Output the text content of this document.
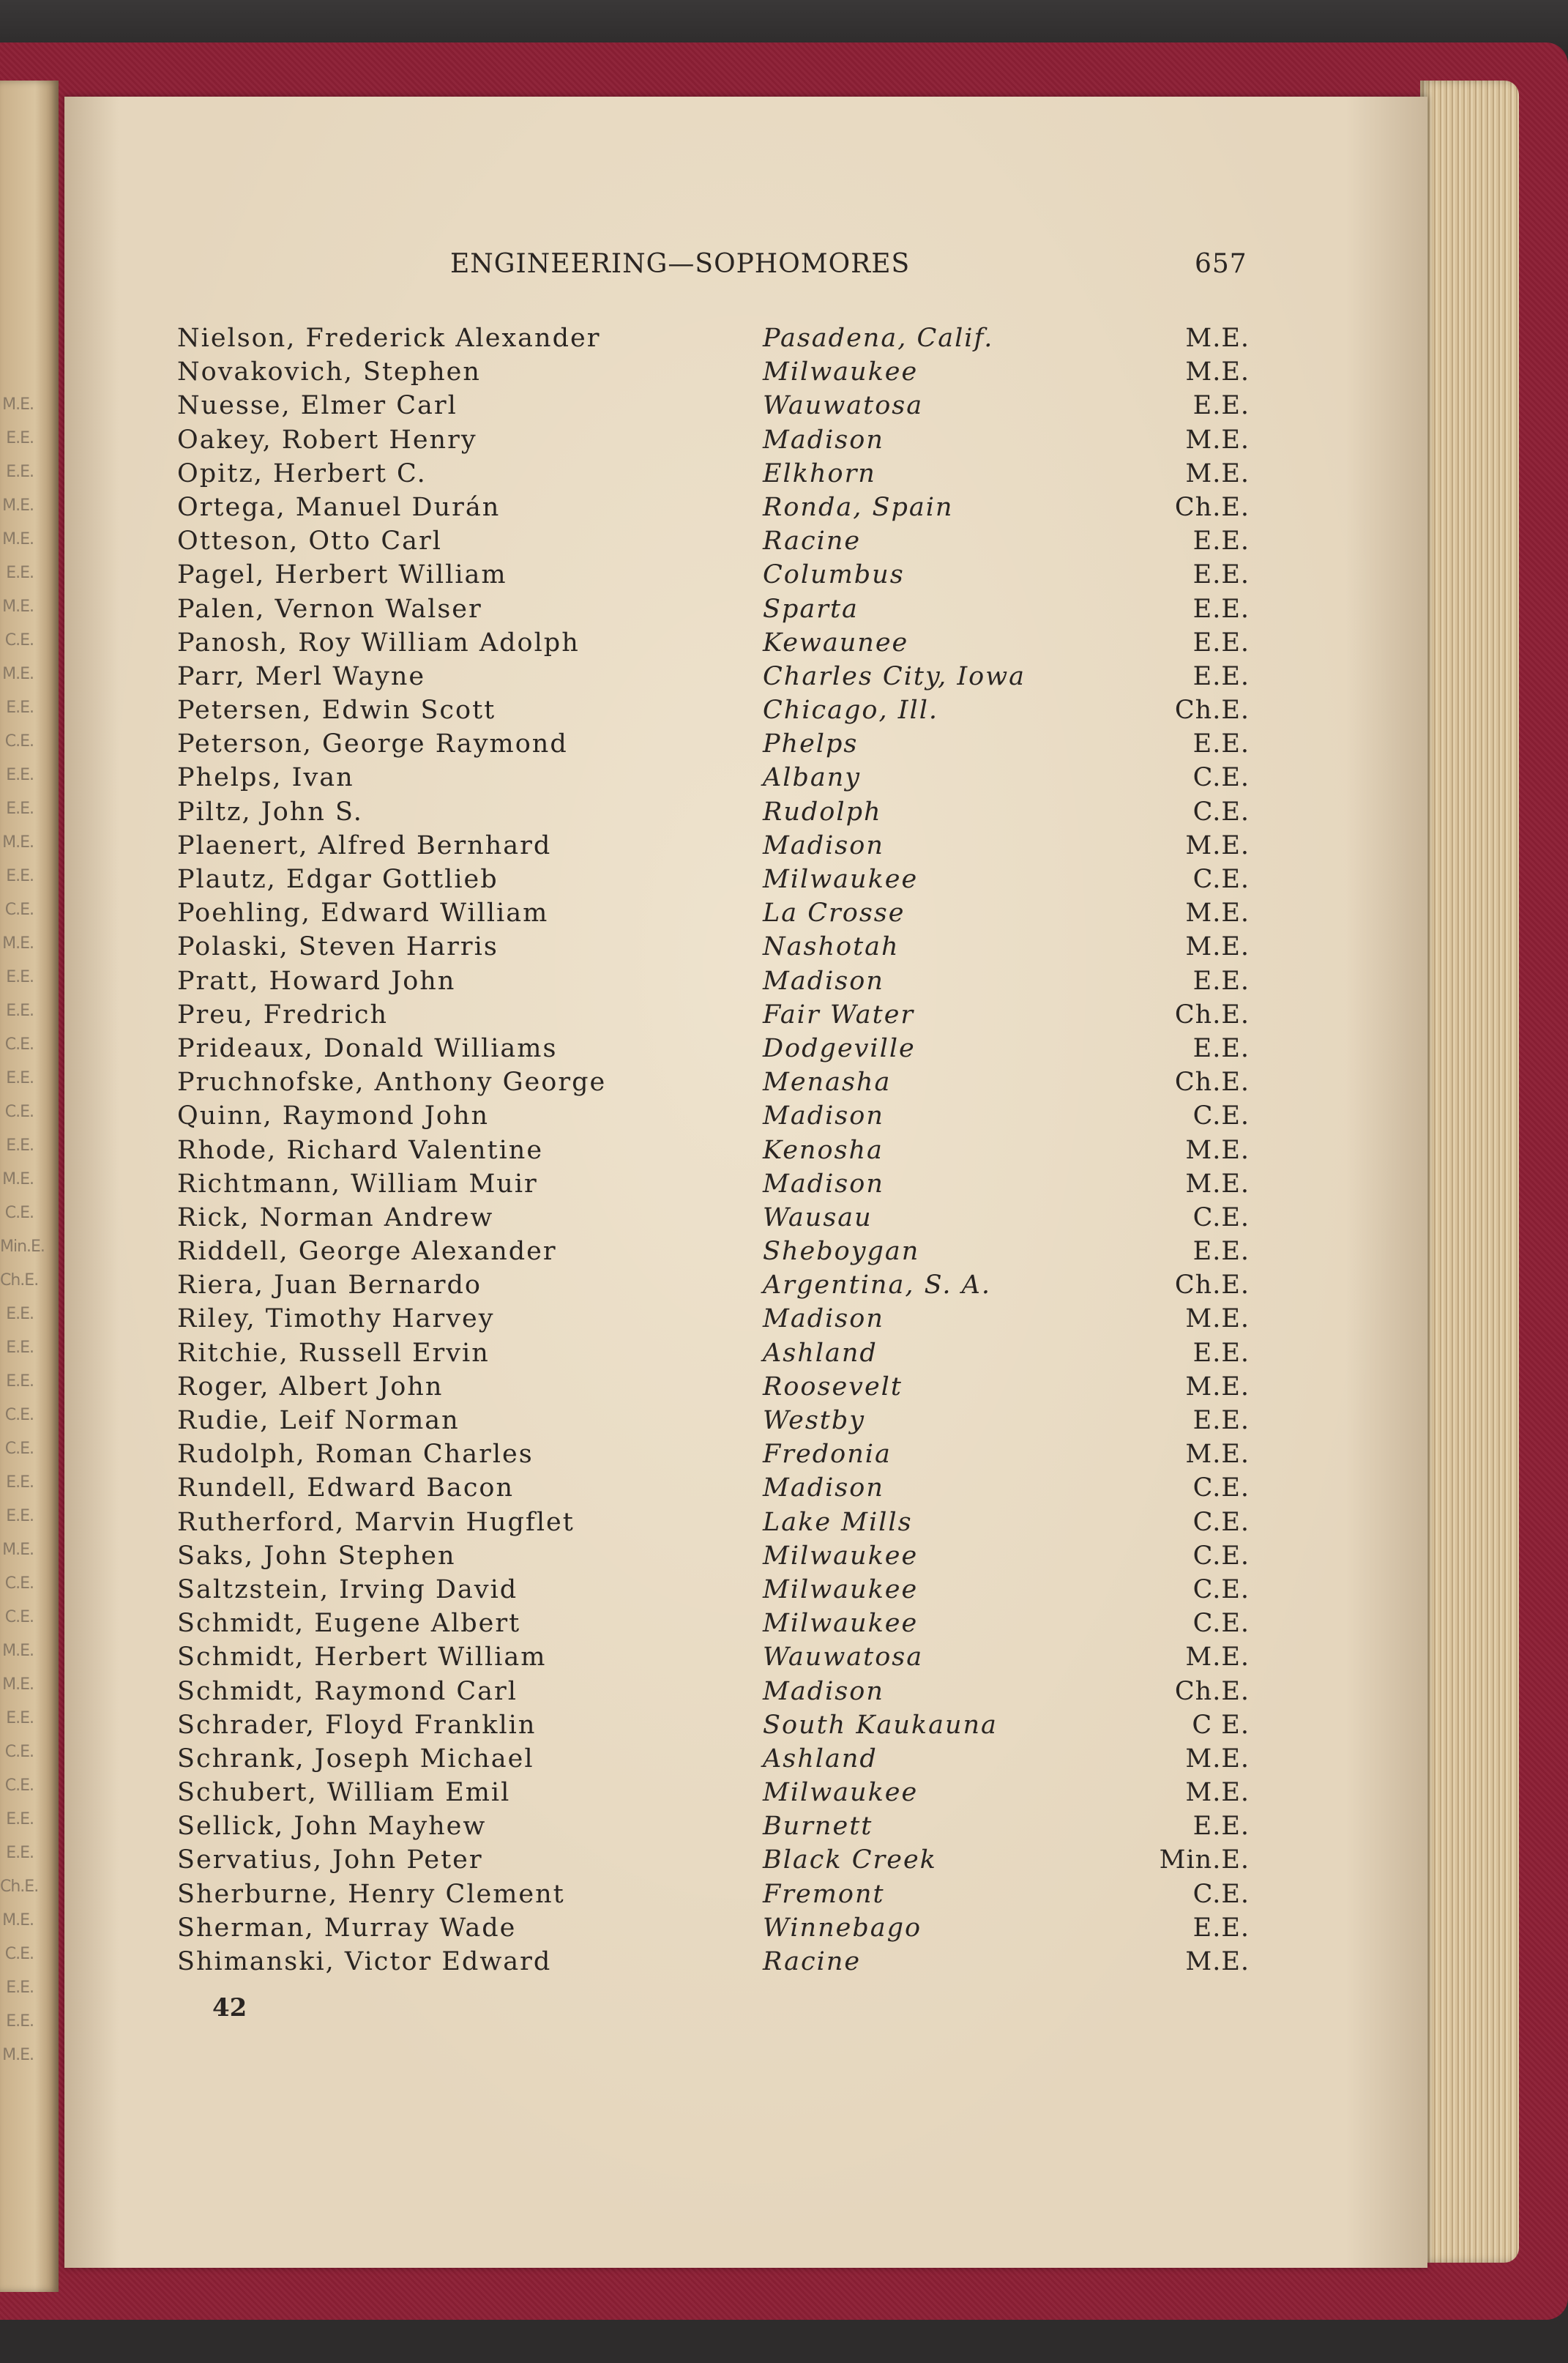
M.E.
E.E.
E.E.
M.E.
M.E.
E.E.
M.E.
C.E.
M.E.
E.E.
C.E.
E.E.
E.E.
M.E.
E.E.
C.E.
M.E.
E.E.
E.E.
C.E.
E.E.
C.E.
E.E.
M.E.
C.E.
Min.E.
Ch.E.
E.E.
E.E.
E.E.
C.E.
C.E.
E.E.
E.E.
M.E.
C.E.
C.E.
M.E.
M.E.
E.E.
C.E.
C.E.
E.E.
E.E.
Ch.E.
M.E.
C.E.
E.E.
E.E.
M.E.
ENGINEERING—SOPHOMORES	657
Nielson, Frederick Alexander	Pasadena, Calif.	M.E.
Novakovich, Stephen	Milwaukee	M.E.
Nuesse, Elmer Carl	Wauwatosa	E.E.
Oakey, Robert Henry	Madison	M.E.
Opitz, Herbert C.	Elkhorn	M.E.
Ortega, Manuel Durán	Ronda, Spain	Ch.E.
Otteson, Otto Carl	Racine	E.E.
Pagel, Herbert William	Columbus	E.E.
Palen, Vernon Walser	Sparta	E.E.
Panosh, Roy William Adolph	Kewaunee	E.E.
Parr, Merl Wayne	Charles City, Iowa	E.E.
Petersen, Edwin Scott	Chicago, Ill.	Ch.E.
Peterson, George Raymond	Phelps	E.E.
Phelps, Ivan	Albany	C.E.
Piltz, John S.	Rudolph	C.E.
Plaenert, Alfred Bernhard	Madison	M.E.
Plautz, Edgar Gottlieb	Milwaukee	C.E.
Poehling, Edward William	La Crosse	M.E.
Polaski, Steven Harris	Nashotah	M.E.
Pratt, Howard John	Madison	E.E.
Preu, Fredrich	Fair Water	Ch.E.
Prideaux, Donald Williams	Dodgeville	E.E.
Pruchnofske, Anthony George	Menasha	Ch.E.
Quinn, Raymond John	Madison	C.E.
Rhode, Richard Valentine	Kenosha	M.E.
Richtmann, William Muir	Madison	M.E.
Rick, Norman Andrew	Wausau	C.E.
Riddell, George Alexander	Sheboygan	E.E.
Riera, Juan Bernardo	Argentina, S. A.	Ch.E.
Riley, Timothy Harvey	Madison	M.E.
Ritchie, Russell Ervin	Ashland	E.E.
Roger, Albert John	Roosevelt	M.E.
Rudie, Leif Norman	Westby	E.E.
Rudolph, Roman Charles	Fredonia	M.E.
Rundell, Edward Bacon	Madison	C.E.
Rutherford, Marvin Hugflet	Lake Mills	C.E.
Saks, John Stephen	Milwaukee	C.E.
Saltzstein, Irving David	Milwaukee	C.E.
Schmidt, Eugene Albert	Milwaukee	C.E.
Schmidt, Herbert William	Wauwatosa	M.E.
Schmidt, Raymond Carl	Madison	Ch.E.
Schrader, Floyd Franklin	South Kaukauna	C E.
Schrank, Joseph Michael	Ashland	M.E.
Schubert, William Emil	Milwaukee	M.E.
Sellick, John Mayhew	Burnett	E.E.
Servatius, John Peter	Black Creek	Min.E.
Sherburne, Henry Clement	Fremont	C.E.
Sherman, Murray Wade	Winnebago	E.E.
Shimanski, Victor Edward	Racine	M.E.
42
